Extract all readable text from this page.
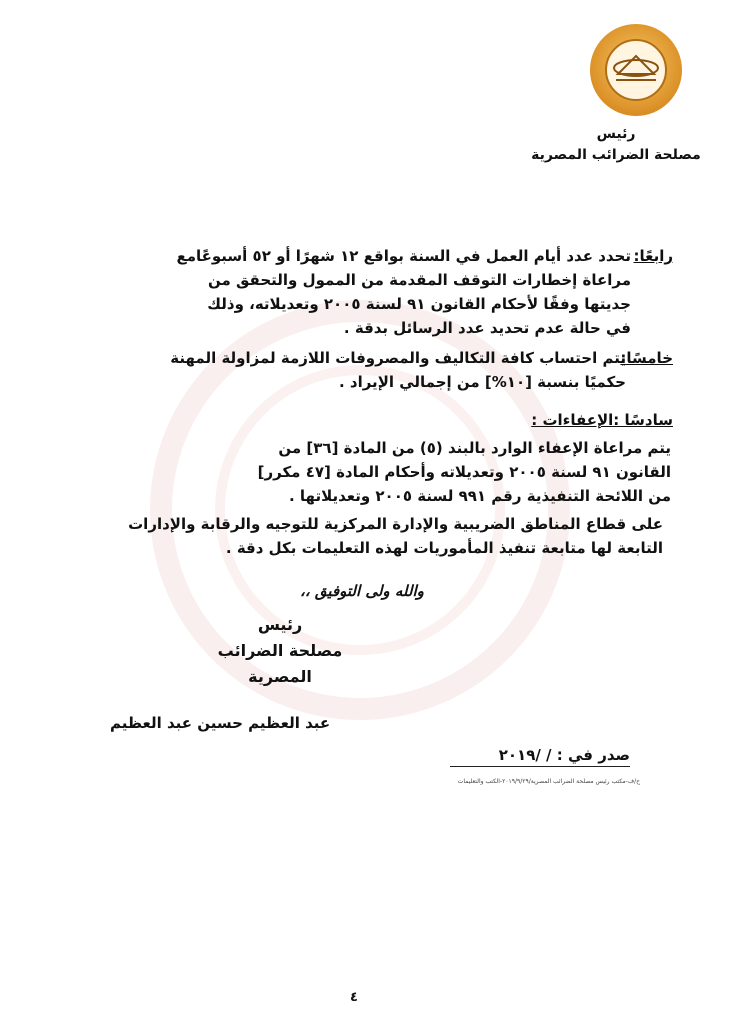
رئيس
مصلحة الضرائب المصرية
تحدد عدد أيام العمل في السنة بواقع ١٢ شهرًا أو ٥٢ أسبوعًامع
مراعاة إخطارات التوقف المقدمة من الممول والتحقق من
جديتها وفقًا لأحكام القانون ٩١ لسنة ٢٠٠٥ وتعديلاته، وذلك
في حالة عدم تحديد عدد الرسائل بدقة .
رابعًا:
يتم احتساب كافة التكاليف والمصروفات اللازمة لمزاولة المهنة
حكميًا بنسبة [١٠%] من إجمالي الإيراد .
خامسًا:
سادسًا :الإعفاءات :
يتم مراعاة الإعفاء الوارد بالبند (٥) من المادة [٣٦] من
القانون ٩١ لسنة ٢٠٠٥ وتعديلاته وأحكام المادة [٤٧ مكرر]
من اللائحة التنفيذية رقم ٩٩١ لسنة ٢٠٠٥ وتعديلاتها .
على قطاع المناطق الضريبية والإدارة المركزية للتوجيه والرقابة والإدارات
التابعة لها متابعة تنفيذ المأموريات لهذه التعليمات بكل دقة .
والله ولى التوفيق ،،
رئيس
مصلحة الضرائب المصرية
عبد العظيم حسين عبد العظيم
صدر في : / /٢٠١٩
ح/ف-مكتب رئيس مصلحة الضرائب المصرية/٢٠١٩/٩/٢٩-الكتب والتعليمات
٤
